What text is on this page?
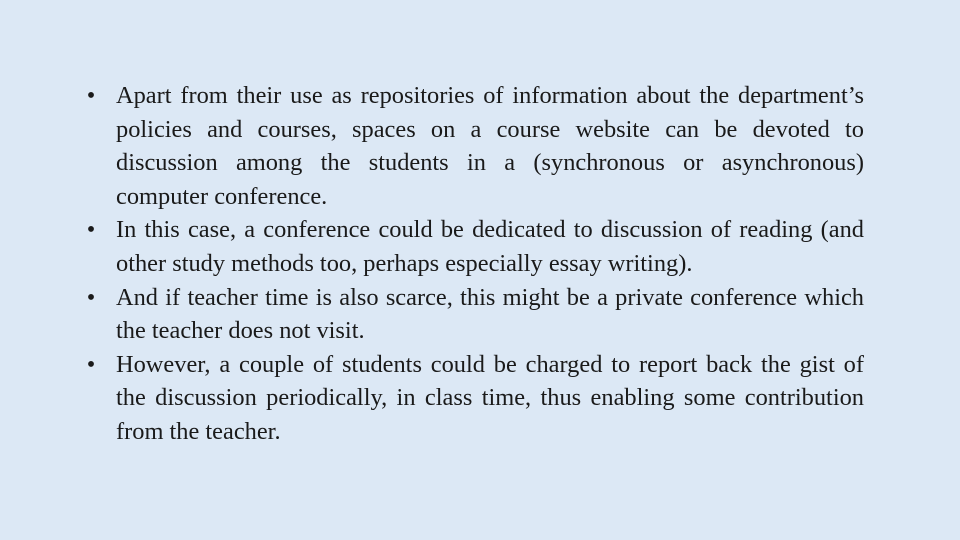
• Apart from their use as repositories of information about the department’s policies and courses, spaces on a course website can be devoted to discussion among the students in a (synchronous or asynchronous) computer conference.
• In this case, a conference could be dedicated to discussion of reading (and other study methods too, perhaps especially essay writing).
• And if teacher time is also scarce, this might be a private conference which the teacher does not visit.
• However, a couple of students could be charged to report back the gist of the discussion periodically, in class time, thus enabling some contribution from the teacher.
